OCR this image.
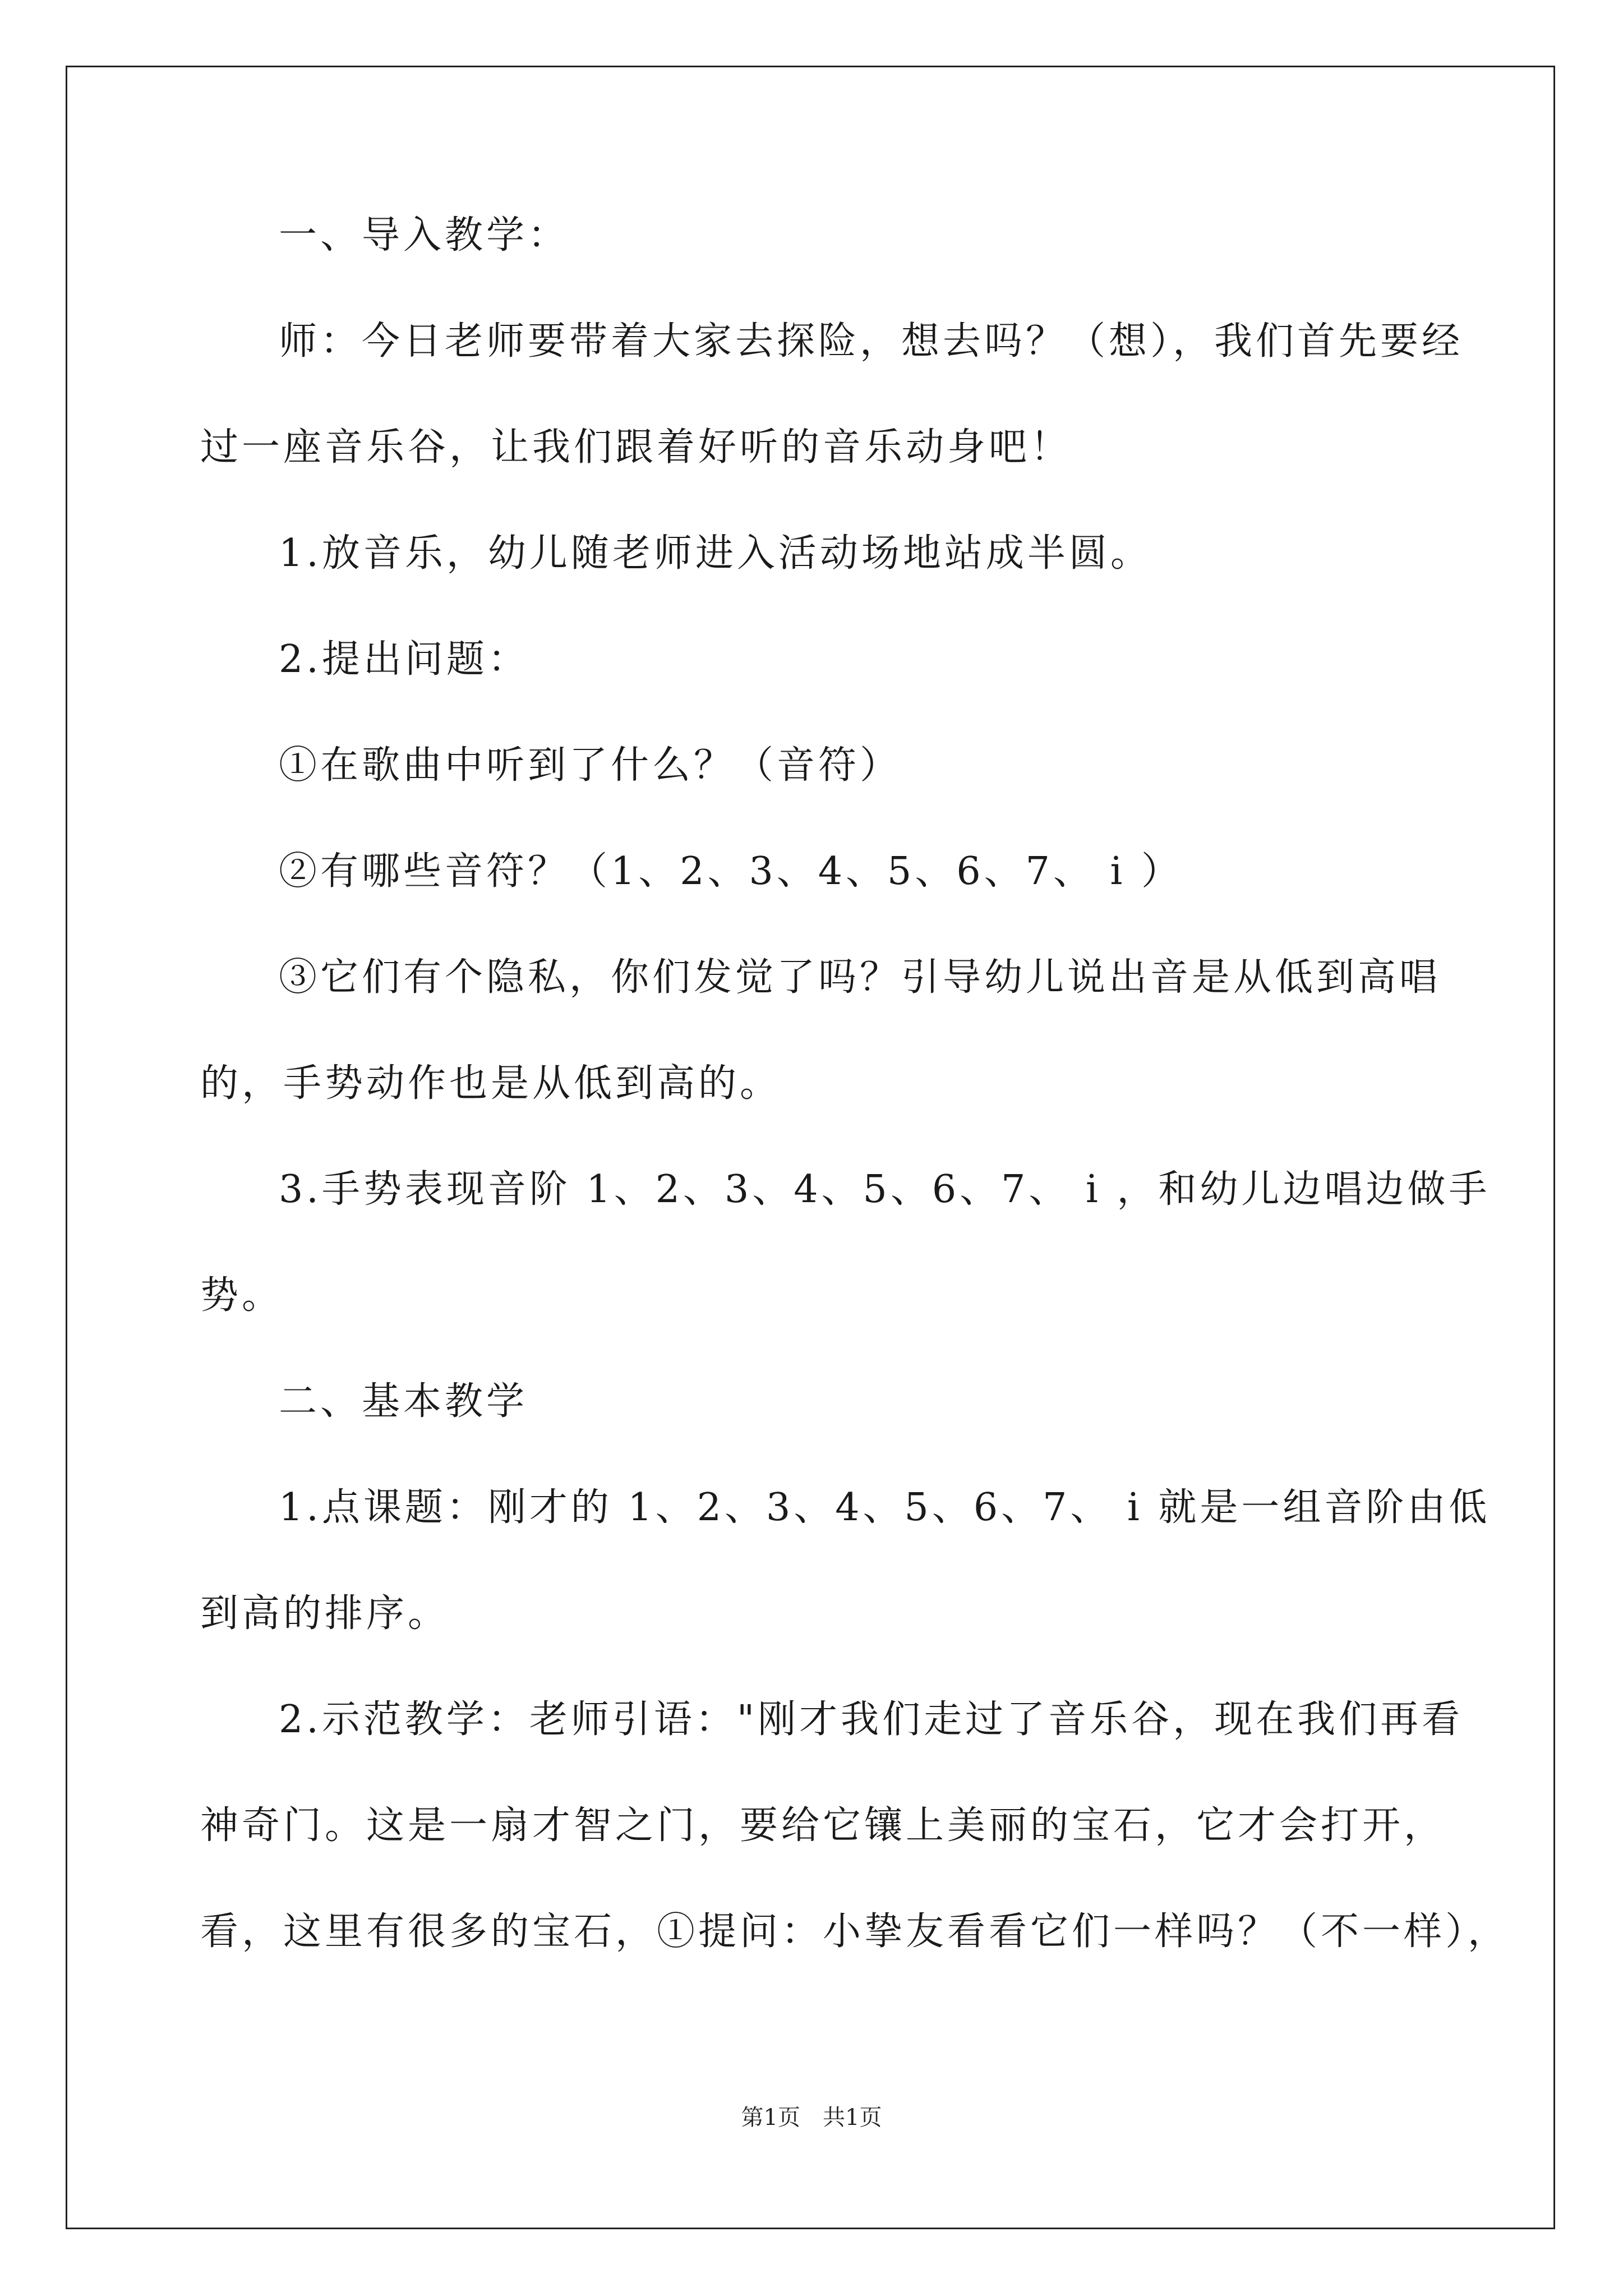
一、导入教学：
师：今日老师要带着大家去探险，想去吗？（想），我们首先要经
过一座音乐谷，让我们跟着好听的音乐动身吧！
1.放音乐，幼儿随老师进入活动场地站成半圆。
2.提出问题：
①在歌曲中听到了什么？（音符）
②有哪些音符？（1、2、3、4、5、6、7、 i ）
③它们有个隐私，你们发觉了吗？引导幼儿说出音是从低到高唱
的，手势动作也是从低到高的。
3.手势表现音阶 1、2、3、4、5、6、7、 i ，和幼儿边唱边做手
势。
二、基本教学
1.点课题：刚才的 1、2、3、4、5、6、7、 i 就是一组音阶由低
到高的排序。
2.示范教学：老师引语："刚才我们走过了音乐谷，现在我们再看
神奇门。这是一扇才智之门，要给它镶上美丽的宝石，它才会打开，
看，这里有很多的宝石，①提问：小挚友看看它们一样吗？（不一样），
第1页　共1页
